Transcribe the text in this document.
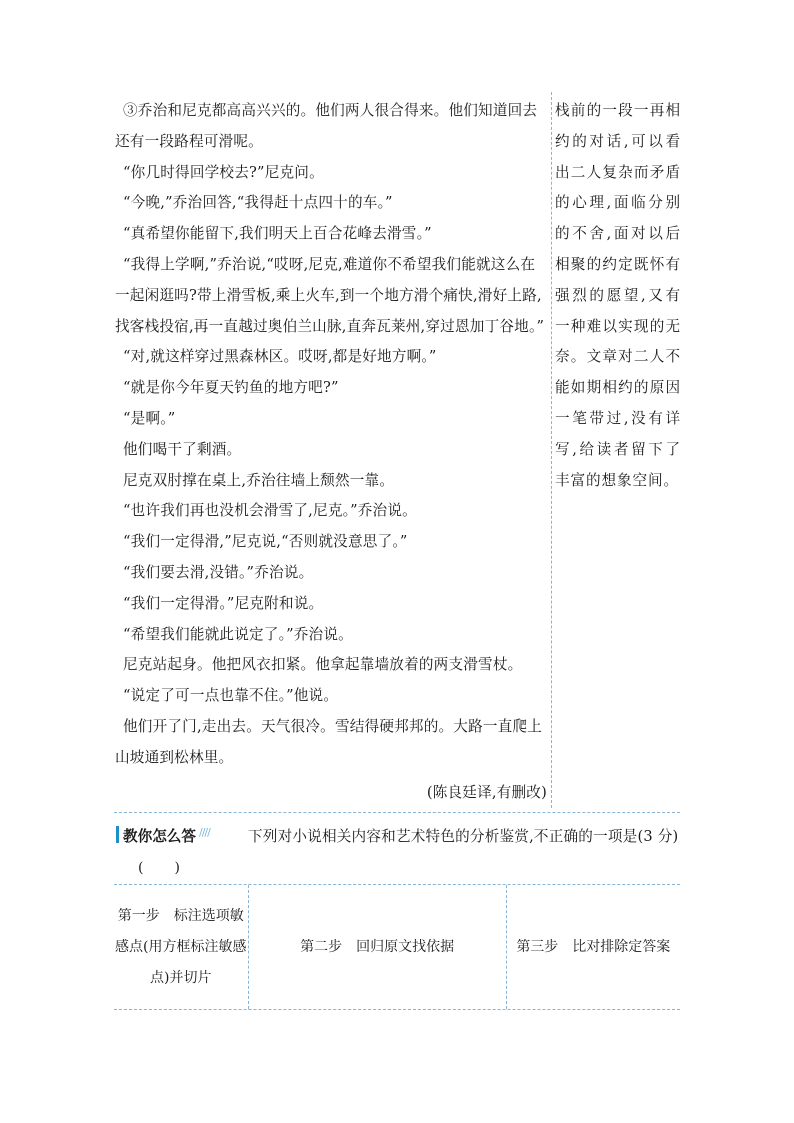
③乔治和尼克都高高兴兴的。他们两人很合得来。他们知道回去还有一段路程可滑呢。

“你几时得回学校去?”尼克问。

“今晚,”乔治回答,“我得赶十点四十的车。”

“真希望你能留下,我们明天上百合花峰去滑雪。”

“我得上学啊,”乔治说,“哎呀,尼克,难道你不希望我们能就这么在一起闲逛吗?带上滑雪板,乘上火车,到一个地方滑个痛快,滑好上路,找客栈投宿,再一直越过奥伯兰山脉,直奔瓦莱州,穿过恩加丁谷地。”

“对,就这样穿过黑森林区。哎呀,都是好地方啊。”

“就是你今年夏天钓鱼的地方吧?”

“是啊。”

他们喝干了剩酒。

尼克双肘撑在桌上,乔治往墙上颓然一靠。

“也许我们再也没机会滑雪了,尼克。”乔治说。

“我们一定得滑,”尼克说,“否则就没意思了。”

“我们要去滑,没错。”乔治说。

“我们一定得滑。”尼克附和说。

“希望我们能就此说定了。”乔治说。

尼克站起身。他把风衣扣紧。他拿起靠墙放着的两支滑雪杖。

“说定了可一点也靠不住。”他说。

他们开了门,走出去。天气很冷。雪结得硬邦邦的。大路一直爬上山坡通到松林里。

(陈良廷译,有删改)

栈前的一段一再相约的对话,可以看出二人复杂而矛盾的心理,面临分别的不舍,面对以后相聚的约定既怀有强烈的愿望,又有一种难以实现的无奈。文章对二人不能如期相约的原因一笔带过,没有详写,给读者留下了丰富的想象空间。

教你怎么答 ////	下列对小说相关内容和艺术特色的分析鉴赏,不正确的一项是(3 分)
(　　)
第一步　标注选项敏感点(用方框标注敏感点)并切片
第二步　回归原文找依据	第三步　比对排除定答案
